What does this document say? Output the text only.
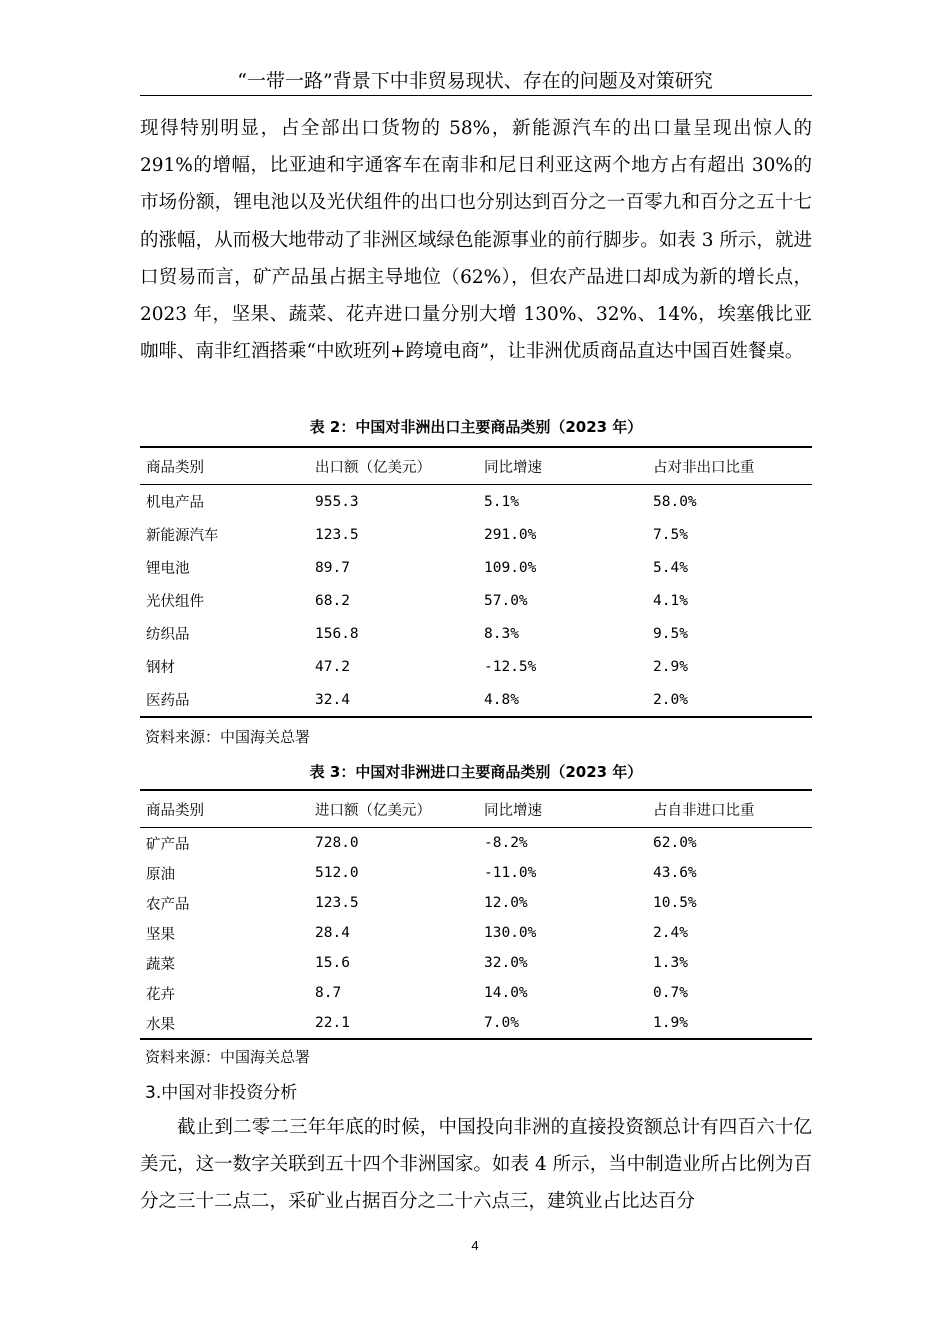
“一带一路”背景下中非贸易现状、存在的问题及对策研究

现得特别明显，占全部出口货物的 58%，新能源汽车的出口量呈现出惊人的 291%的增幅，比亚迪和宇通客车在南非和尼日利亚这两个地方占有超出 30%的市场份额，锂电池以及光伏组件的出口也分别达到百分之一百零九和百分之五十七的涨幅，从而极大地带动了非洲区域绿色能源事业的前行脚步。如表 3 所示，就进口贸易而言，矿产品虽占据主导地位（62%），但农产品进口却成为新的增长点，2023 年，坚果、蔬菜、花卉进口量分别大增 130%、32%、14%，埃塞俄比亚咖啡、南非红酒搭乘“中欧班列+跨境电商”，让非洲优质商品直达中国百姓餐桌。

表 2：中国对非洲出口主要商品类别（2023 年）
商品类别	出口额（亿美元）	同比增速	占对非出口比重
机电产品	955.3	5.1%	58.0%
新能源汽车	123.5	291.0%	7.5%
锂电池	89.7	109.0%	5.4%
光伏组件	68.2	57.0%	4.1%
纺织品	156.8	8.3%	9.5%
钢材	47.2	-12.5%	2.9%
医药品	32.4	4.8%	2.0%
资料来源：中国海关总署
表 3：中国对非洲进口主要商品类别（2023 年）
商品类别	进口额（亿美元）	同比增速	占自非进口比重
矿产品	728.0	-8.2%	62.0%
原油	512.0	-11.0%	43.6%
农产品	123.5	12.0%	10.5%
坚果	28.4	130.0%	2.4%
蔬菜	15.6	32.0%	1.3%
花卉	8.7	14.0%	0.7%
水果	22.1	7.0%	1.9%
资料来源：中国海关总署
3.中国对非投资分析

截止到二零二三年年底的时候，中国投向非洲的直接投资额总计有四百六十亿美元，这一数字关联到五十四个非洲国家。如表 4 所示，当中制造业所占比例为百分之三十二点二，采矿业占据百分之二十六点三，建筑业占比达百分

4
